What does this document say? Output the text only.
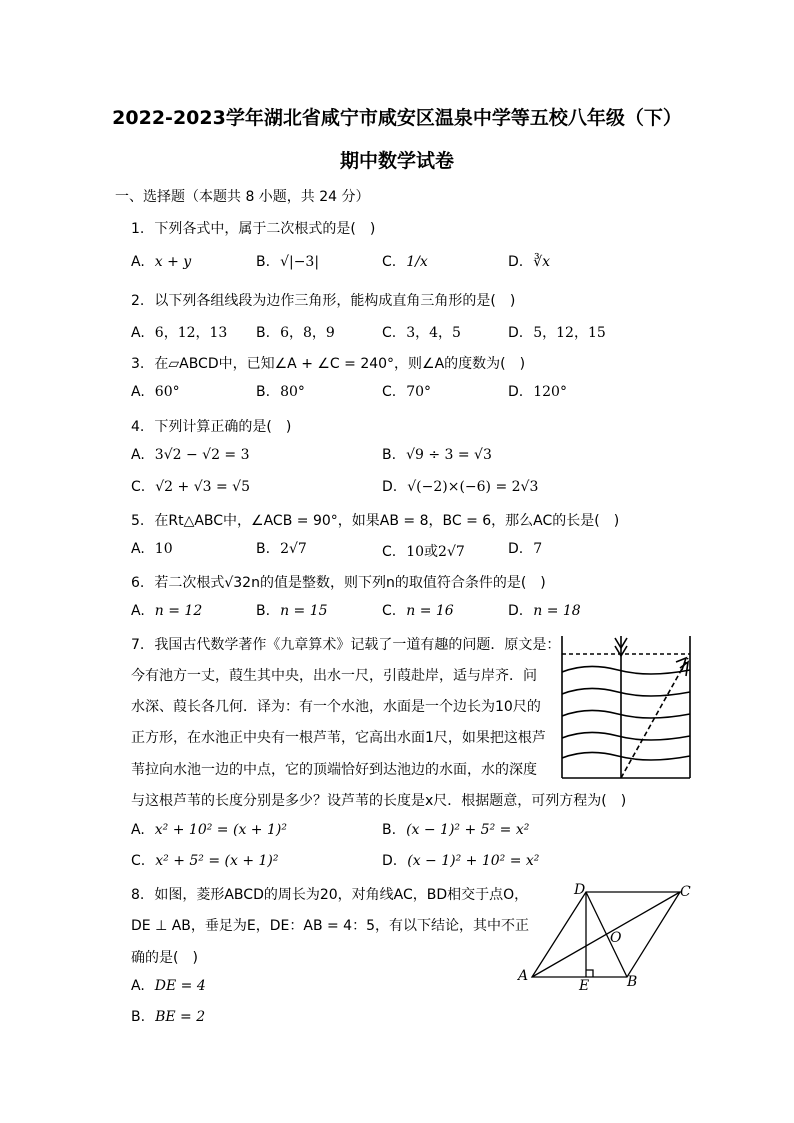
2022-2023学年湖北省咸宁市咸安区温泉中学等五校八年级（下）
期中数学试卷
一、选择题（本题共 8 小题，共 24 分）
1. 下列各式中，属于二次根式的是(　)
A. x + y	B. √|−3|	C. 1/x	D. ∛x
2. 以下列各组线段为边作三角形，能构成直角三角形的是(　)
A. 6，12，13 B. 6，8，9	C. 3，4，5	D. 5，12，15
3. 在▱ABCD中，已知∠A + ∠C = 240°，则∠A的度数为(　)
A. 60°	B. 80°	C. 70°	D. 120°
4. 下列计算正确的是(　)
A. 3√2 − √2 = 3	B. √9 ÷ 3 = √3
C. √2 + √3 = √5	D. √(−2)×(−6) = 2√3
5. 在Rt△ABC中，∠ACB = 90°，如果AB = 8，BC = 6，那么AC的长是(　)
A. 10	B. 2√7	C. 10或2√7	D. 7
6. 若二次根式√32n的值是整数，则下列n的取值符合条件的是(　)
A. n = 12	B. n = 15	C. n = 16	D. n = 18
7. 我国古代数学著作《九章算术》记载了一道有趣的问题．原文是：
今有池方一丈，葭生其中央，出水一尺，引葭赴岸，适与岸齐．问
水深、葭长各几何．译为：有一个水池，水面是一个边长为10尺的
正方形，在水池正中央有一根芦苇，它高出水面1尺，如果把这根芦
苇拉向水池一边的中点，它的顶端恰好到达池边的水面，水的深度
与这根芦苇的长度分别是多少？设芦苇的长度是x尺．根据题意，可列方程为(　)
A. x² + 10² = (x + 1)²	B. (x − 1)² + 5² = x²
C. x² + 5² = (x + 1)²	D. (x − 1)² + 10² = x²
8. 如图，菱形ABCD的周长为20，对角线AC，BD相交于点O，
DE ⊥ AB，垂足为E，DE：AB = 4：5，有以下结论，其中不正
确的是(　)
A	B
C
D
E
O
A. DE = 4
B. BE = 2
